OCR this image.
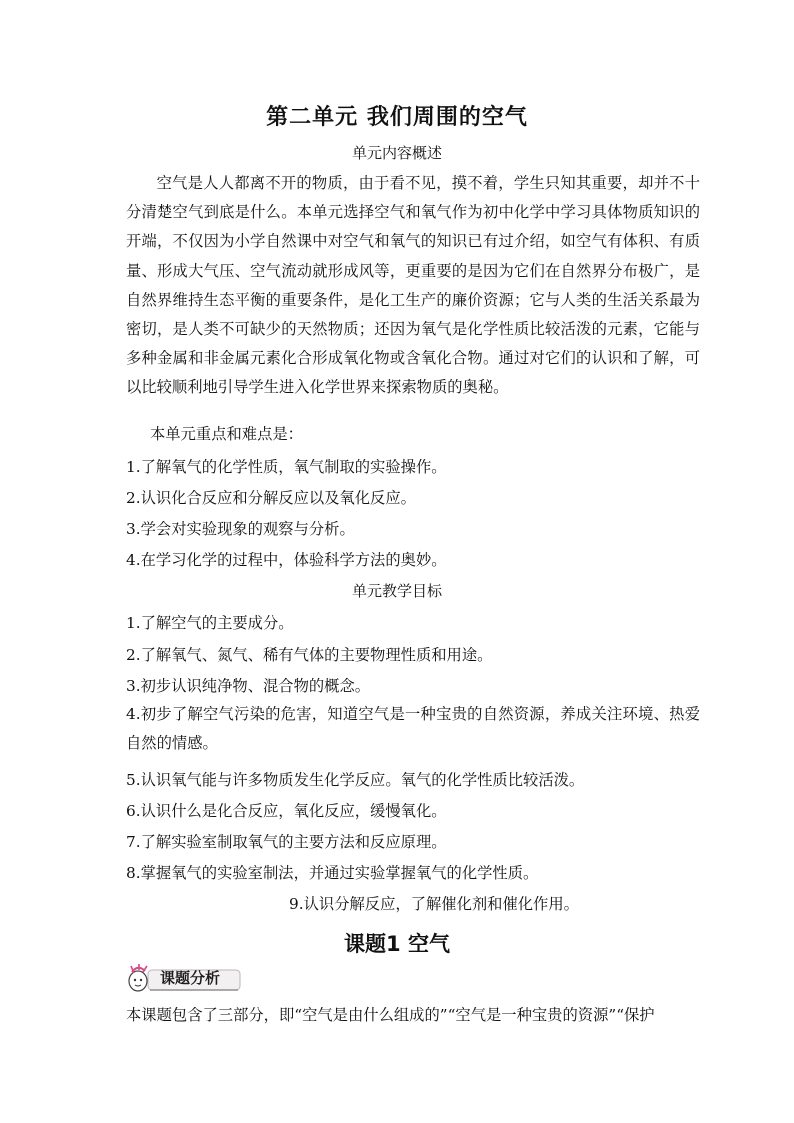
第二单元 我们周围的空气
单元内容概述

空气是人人都离不开的物质，由于看不见，摸不着，学生只知其重要，却并不十分清楚空气到底是什么。本单元选择空气和氧气作为初中化学中学习具体物质知识的开端，不仅因为小学自然课中对空气和氧气的知识已有过介绍，如空气有体积、有质量、形成大气压、空气流动就形成风等，更重要的是因为它们在自然界分布极广，是自然界维持生态平衡的重要条件，是化工生产的廉价资源；它与人类的生活关系最为密切，是人类不可缺少的天然物质；还因为氧气是化学性质比较活泼的元素，它能与多种金属和非金属元素化合形成氧化物或含氧化合物。通过对它们的认识和了解，可以比较顺利地引导学生进入化学世界来探索物质的奥秘。

本单元重点和难点是：
1.了解氧气的化学性质，氧气制取的实验操作。
2.认识化合反应和分解反应以及氧化反应。
3.学会对实验现象的观察与分析。
4.在学习化学的过程中，体验科学方法的奥妙。
单元教学目标
1.了解空气的主要成分。
2.了解氧气、氮气、稀有气体的主要物理性质和用途。
3.初步认识纯净物、混合物的概念。

4.初步了解空气污染的危害，知道空气是一种宝贵的自然资源，养成关注环境、热爱自然的情感。

5.认识氧气能与许多物质发生化学反应。氧气的化学性质比较活泼。
6.认识什么是化合反应，氧化反应，缓慢氧化。
7.了解实验室制取氧气的主要方法和反应原理。
8.掌握氧气的实验室制法，并通过实验掌握氧气的化学性质。
9.认识分解反应，了解催化剂和催化作用。
课题1 空气
课题分析

本课题包含了三部分，即“空气是由什么组成的”“空气是一种宝贵的资源”“保护
